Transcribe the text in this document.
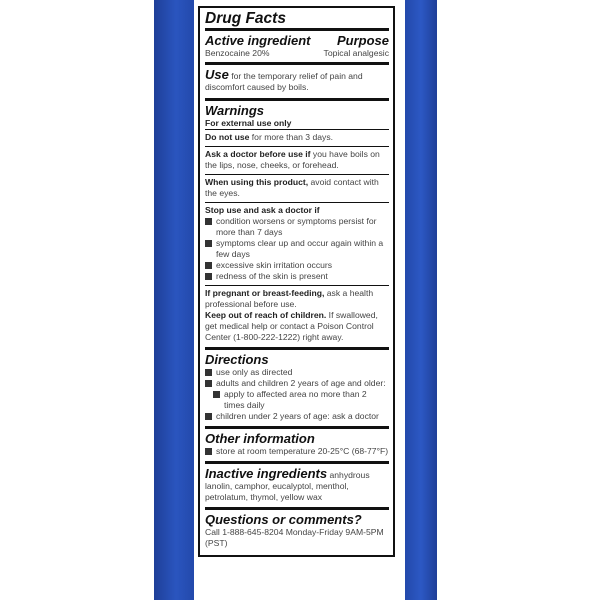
Drug Facts
Active ingredient Purpose
Benzocaine 20%	Topical analgesic
Use for the temporary relief of pain and discomfort caused by boils.
Warnings
For external use only
Do not use for more than 3 days.
Ask a doctor before use if you have boils on the lips, nose, cheeks, or forehead.
When using this product, avoid contact with the eyes.
Stop use and ask a doctor if
condition worsens or symptoms persist for more than 7 days
symptoms clear up and occur again within a few days
excessive skin irritation occurs
redness of the skin is present
If pregnant or breast-feeding, ask a health professional before use.
Keep out of reach of children. If swallowed, get medical help or contact a Poison Control Center (1-800-222-1222) right away.
Directions
use only as directed
adults and children 2 years of age and older:
apply to affected area no more than 2 times daily
children under 2 years of age: ask a doctor
Other information
store at room temperature 20-25°C (68-77°F)
Inactive ingredients anhydrous lanolin, camphor, eucalyptol, menthol, petrolatum, thymol, yellow wax
Questions or comments?
Call 1-888-645-8204 Monday-Friday 9AM-5PM (PST)
